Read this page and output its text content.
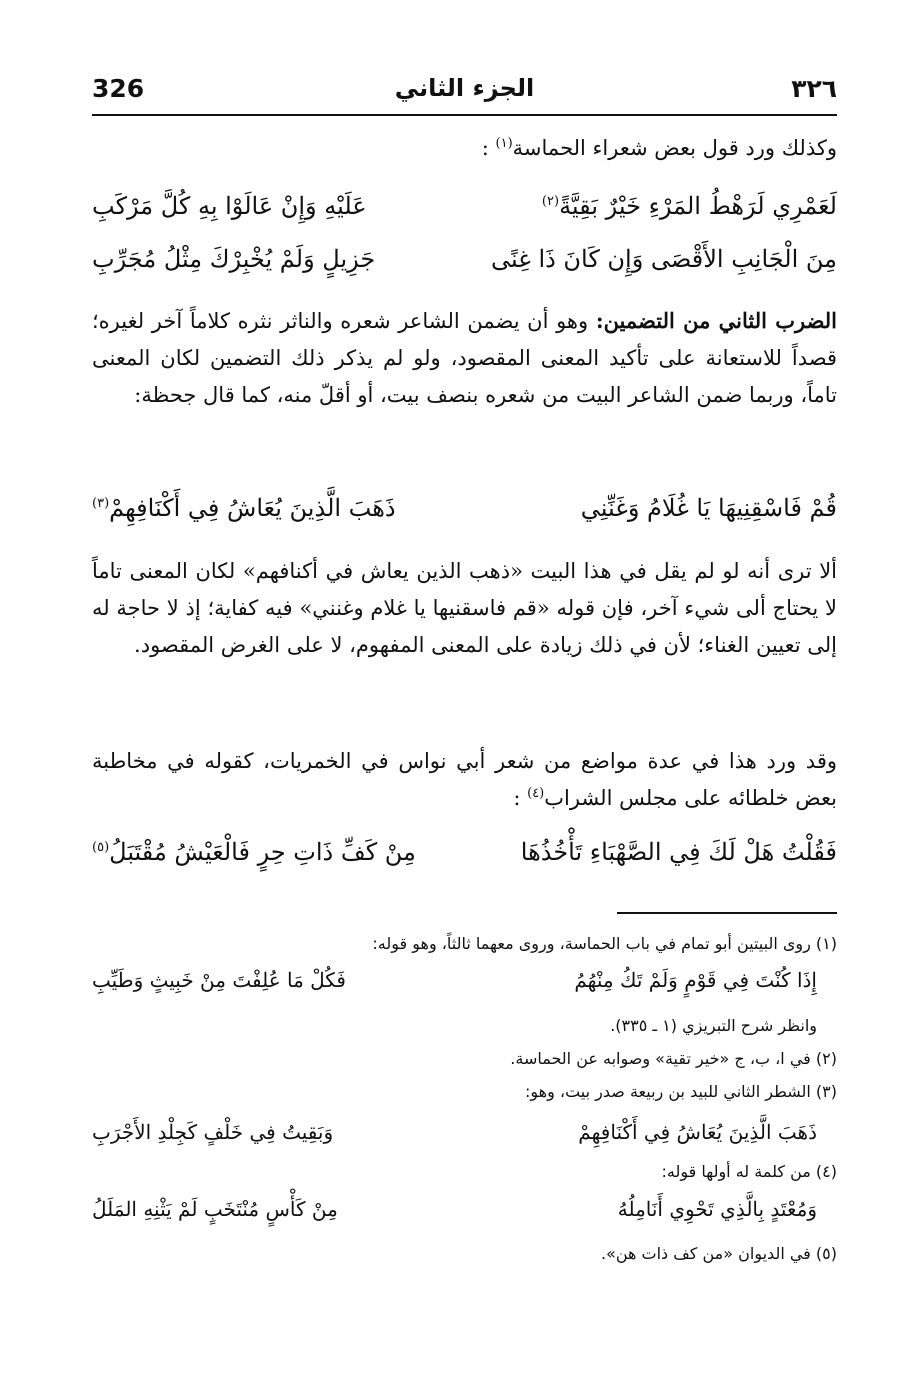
326	الجزء الثاني	٣٢٦
وكذلك ورد قول بعض شعراء الحماسة$^{(١)}$ :
لَعَمْرِي لَرَهْطُ المَرْءِ خَيْرٌ بَقِيَّةً$^{(٢)}$
عَلَيْهِ وَإِنْ عَالَوْا بِهِ كُلَّ مَرْكَبِ
مِنَ الْجَانِبِ الأَقْصَى وَإِن كَانَ ذَا غِنًى
جَزِيلٍ وَلَمْ يُخْبِرْكَ مِثْلُ مُجَرِّبِ
الضرب الثاني من التضمين: وهو أن يضمن الشاعر شعره والناثر نثره كلاماً آخر لغيره؛ قصداً للاستعانة على تأكيد المعنى المقصود، ولو لم يذكر ذلك التضمين لكان المعنى تاماً، وربما ضمن الشاعر البيت من شعره بنصف بيت، أو أقلّ منه، كما قال جحظة:
قُمْ فَاسْقِنِيهَا يَا غُلَامُ وَغَنِّنِي
ذَهَبَ الَّذِينَ يُعَاشُ فِي أَكْنَافِهِمْ$^{(٣)}$
ألا ترى أنه لو لم يقل في هذا البيت «ذهب الذين يعاش في أكنافهم» لكان المعنى تاماً لا يحتاج ألى شيء آخر، فإن قوله «قم فاسقنيها يا غلام وغنني» فيه كفاية؛ إذ لا حاجة له إلى تعيين الغناء؛ لأن في ذلك زيادة على المعنى المفهوم، لا على الغرض المقصود.
وقد ورد هذا في عدة مواضع من شعر أبي نواس في الخمريات، كقوله في مخاطبة بعض خلطائه على مجلس الشراب$^{(٤)}$ :
فَقُلْتُ هَلْ لَكَ فِي الصَّهْبَاءِ تَأْخُذُهَا
مِنْ كَفِّ ذَاتِ حِرٍ فَالْعَيْشُ مُقْتَبَلُ$^{(٥)}$
(١) روى البيتين أبو تمام في باب الحماسة، وروى معهما ثالثاً، وهو قوله:
إِذَا كُنْتَ فِي قَوْمٍ وَلَمْ تَكُ مِنْهُمُ
فَكُلْ مَا عُلِفْتَ مِنْ خَبِيثٍ وَطَيِّبِ
وانظر شرح التبريزي (١ ـ ٣٣٥).
(٢) في ا، ب، ج «خير تقية» وصوابه عن الحماسة.
(٣) الشطر الثاني للبيد بن ربيعة صدر بيت، وهو:
ذَهَبَ الَّذِينَ يُعَاشُ فِي أَكْنَافِهِمْ
وَبَقِيتُ فِي خَلْفٍ كَجِلْدِ الأَجْرَبِ
(٤) من كلمة له أولها قوله:
وَمُعْتَدٍ بِالَّذِي تَحْوِي أَنَامِلُهُ
مِنْ كَأْسٍ مُنْتَخَبٍ لَمْ يَثْنِهِ المَلَلُ
(٥) في الديوان «من كف ذات هن».
